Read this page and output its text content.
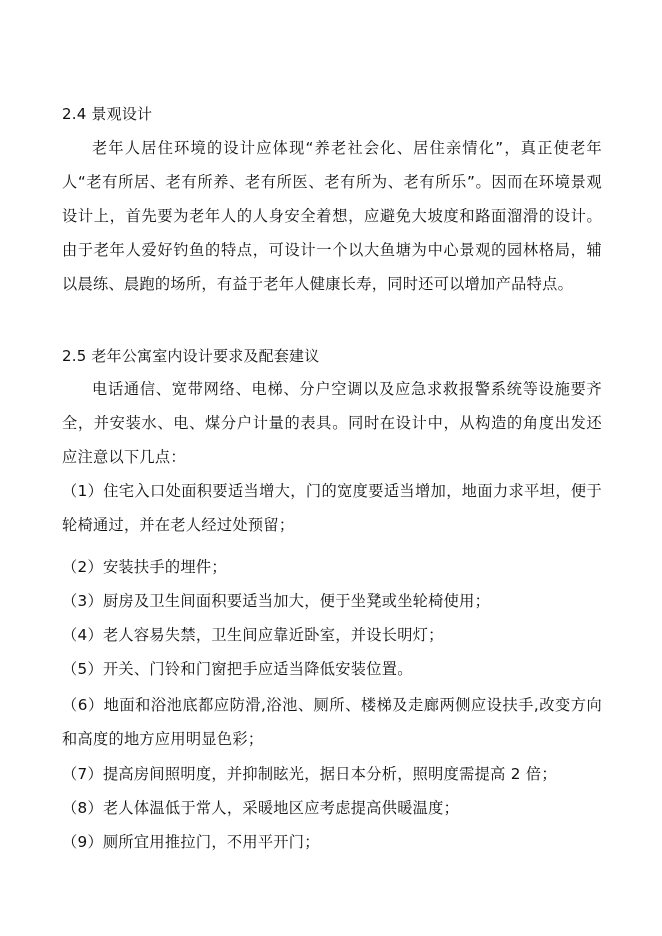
2.4 景观设计
老年人居住环境的设计应体现“养老社会化、居住亲情化”，真正使老年人“老有所居、老有所养、老有所医、老有所为、老有所乐”。因而在环境景观设计上，首先要为老年人的人身安全着想，应避免大坡度和路面溜滑的设计。由于老年人爱好钓鱼的特点，可设计一个以大鱼塘为中心景观的园林格局，辅以晨练、晨跑的场所，有益于老年人健康长寿，同时还可以增加产品特点。
2.5 老年公寓室内设计要求及配套建议
电话通信、宽带网络、电梯、分户空调以及应急求救报警系统等设施要齐全，并安装水、电、煤分户计量的表具。同时在设计中，从构造的角度出发还应注意以下几点：
（1）住宅入口处面积要适当增大，门的宽度要适当增加，地面力求平坦，便于轮椅通过，并在老人经过处预留；
（2）安装扶手的埋件；
（3）厨房及卫生间面积要适当加大，便于坐凳或坐轮椅使用；
（4）老人容易失禁，卫生间应靠近卧室，并设长明灯；
（5）开关、门铃和门窗把手应适当降低安装位置。
（6）地面和浴池底都应防滑,浴池、厕所、楼梯及走廊两侧应设扶手,改变方向和高度的地方应用明显色彩；
（7）提高房间照明度，并抑制眩光，据日本分析，照明度需提高 2 倍；
（8）老人体温低于常人，采暖地区应考虑提高供暖温度；
（9）厕所宜用推拉门，不用平开门；
